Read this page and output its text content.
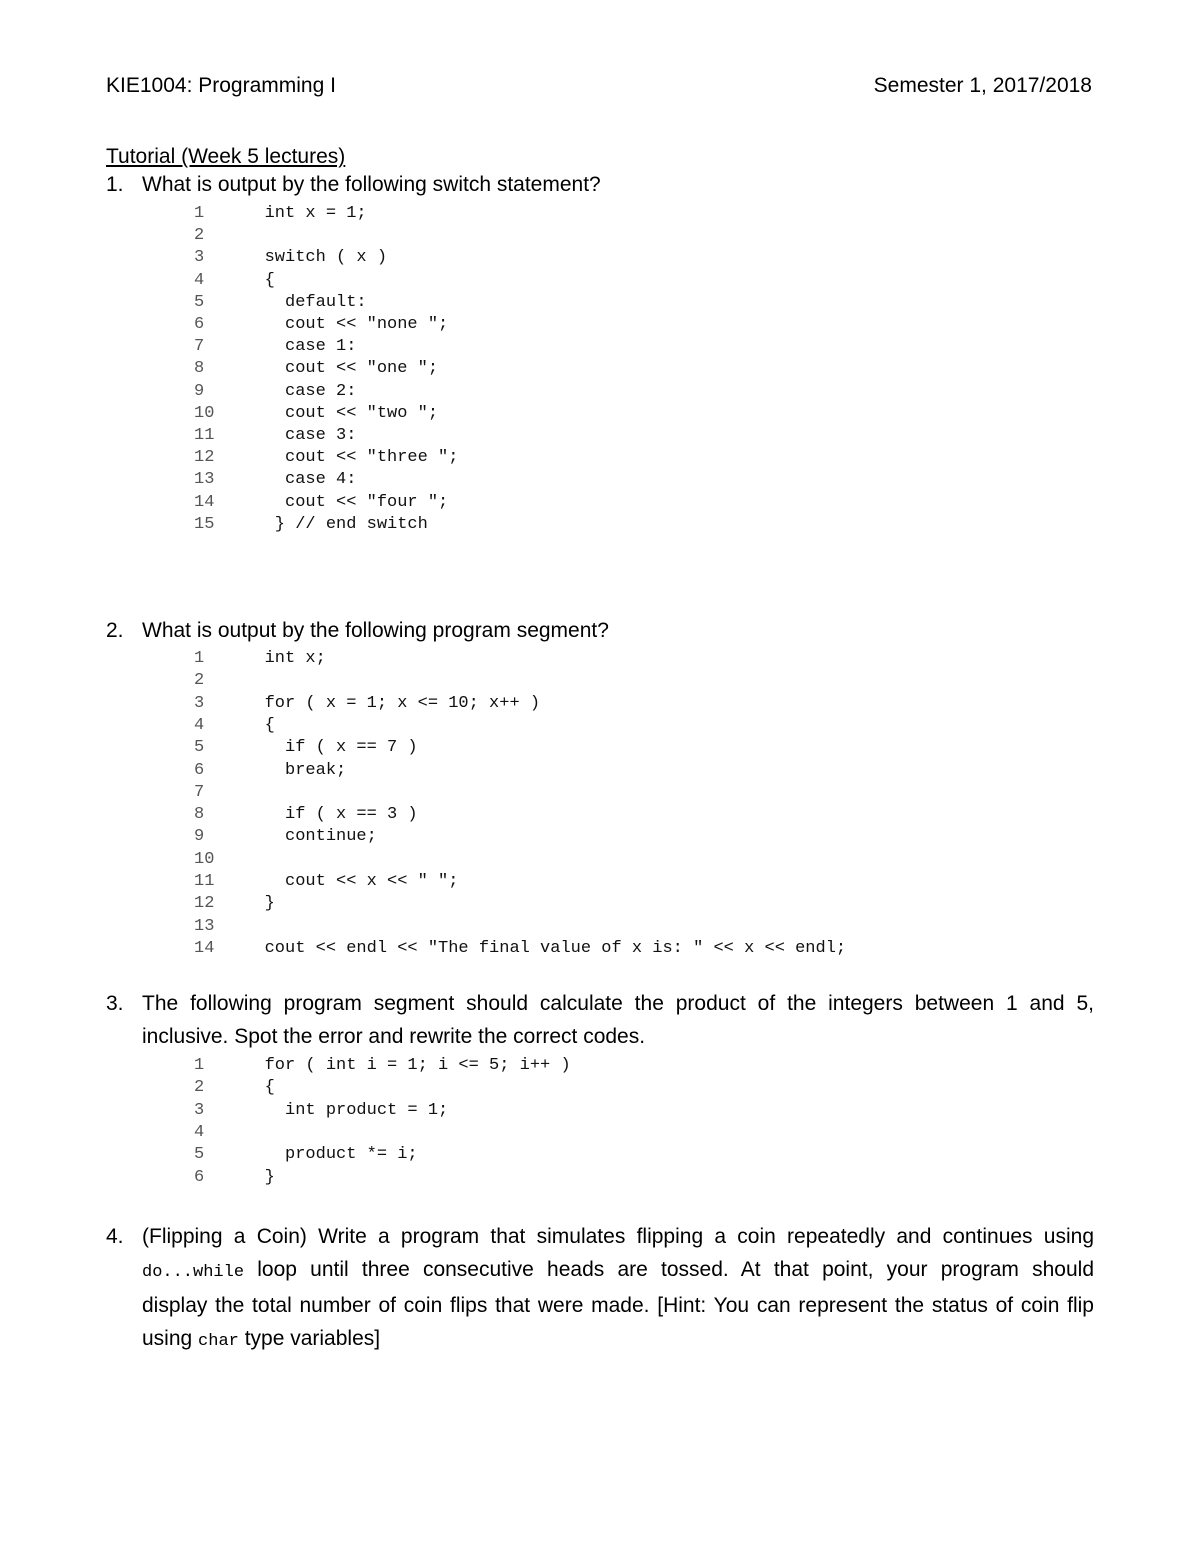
KIE1004: Programming I	Semester 1, 2017/2018
Tutorial (Week 5 lectures)
1. What is output by the following switch statement?
1   int x = 1;
2
3   switch ( x )
4   {
5     default:
6     cout << "none ";
7     case 1:
8     cout << "one ";
9     case 2:
10     cout << "two ";
11     case 3:
12     cout << "three ";
13     case 4:
14     cout << "four ";
15    } // end switch
2. What is output by the following program segment?
1   int x;
2
3   for ( x = 1; x <= 10; x++ )
4   {
5     if ( x == 7 )
6     break;
7
8     if ( x == 3 )
9     continue;
10
11     cout << x << " ";
12   }
13
14   cout << endl << "The final value of x is: " << x << endl;
3. The following program segment should calculate the product of the integers between 1 and 5,
inclusive. Spot the error and rewrite the correct codes.
1   for ( int i = 1; i <= 5; i++ )
2   {
3     int product = 1;
4
5     product *= i;
6   }
4. (Flipping a Coin) Write a program that simulates flipping a coin repeatedly and continues using
do...while loop until three consecutive heads are tossed. At that point, your program should
display the total number of coin flips that were made. [Hint: You can represent the status of coin flip
using char type variables]
